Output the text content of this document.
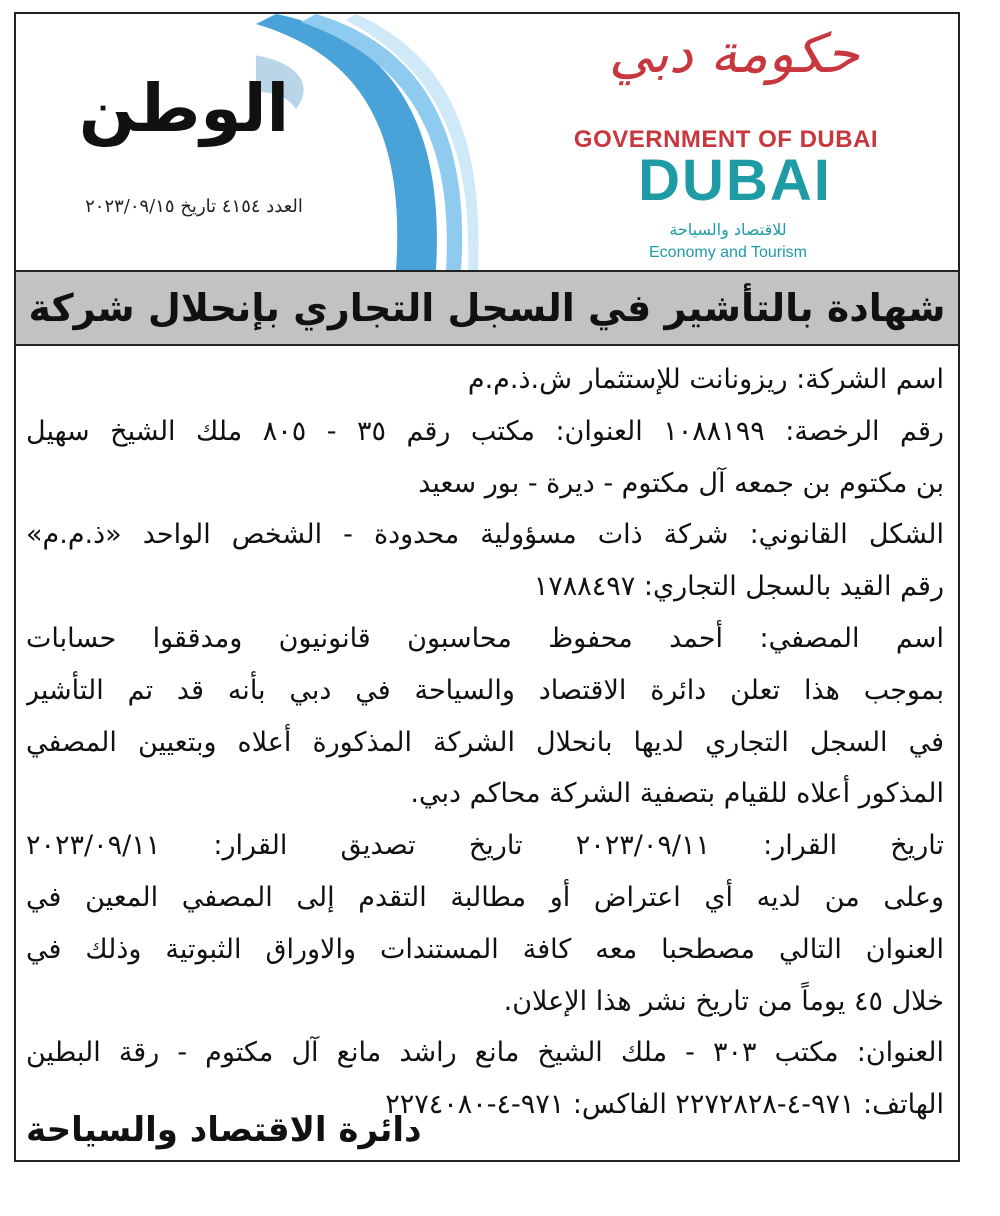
الوطن
العدد ٤١٥٤ تاريخ ٢٠٢٣/٠٩/١٥
حكومة دبي
GOVERNMENT OF DUBAI
DUBAI
للاقتصاد والسياحة
Economy and Tourism
شهادة بالتأشير في السجل التجاري بإنحلال شركة
اسم الشركة: ريزونانت للإستثمار ش.ذ.م.م
رقم الرخصة: ١٠٨٨١٩٩ العنوان: مكتب رقم ٣٥ - ٨٠٥ ملك الشيخ سهيل
بن مكتوم بن جمعه آل مكتوم - ديرة - بور سعيد
الشكل القانوني: شركة ذات مسؤولية محدودة - الشخص الواحد «ذ.م.م»
رقم القيد بالسجل التجاري: ١٧٨٨٤٩٧
اسم المصفي: أحمد محفوظ محاسبون قانونيون ومدققوا حسابات
بموجب هذا تعلن دائرة الاقتصاد والسياحة في دبي بأنه قد تم التأشير
في السجل التجاري لديها بانحلال الشركة المذكورة أعلاه وبتعيين المصفي
المذكور أعلاه للقيام بتصفية الشركة محاكم دبي.
تاريخ القرار: ٢٠٢٣/٠٩/١١ تاريخ تصديق القرار: ٢٠٢٣/٠٩/١١
وعلى من لديه أي اعتراض أو مطالبة التقدم إلى المصفي المعين في
العنوان التالي مصطحبا معه كافة المستندات والاوراق الثبوتية وذلك في
خلال ٤٥ يوماً من تاريخ نشر هذا الإعلان.
العنوان: مكتب ٣٠٣ - ملك الشيخ مانع راشد مانع آل مكتوم - رقة البطين
الهاتف: ٩٧١-٤-٢٢٧٢٨٢٨ الفاكس: ٩٧١-٤-٢٢٧٤٠٨٠
دائرة الاقتصاد والسياحة
